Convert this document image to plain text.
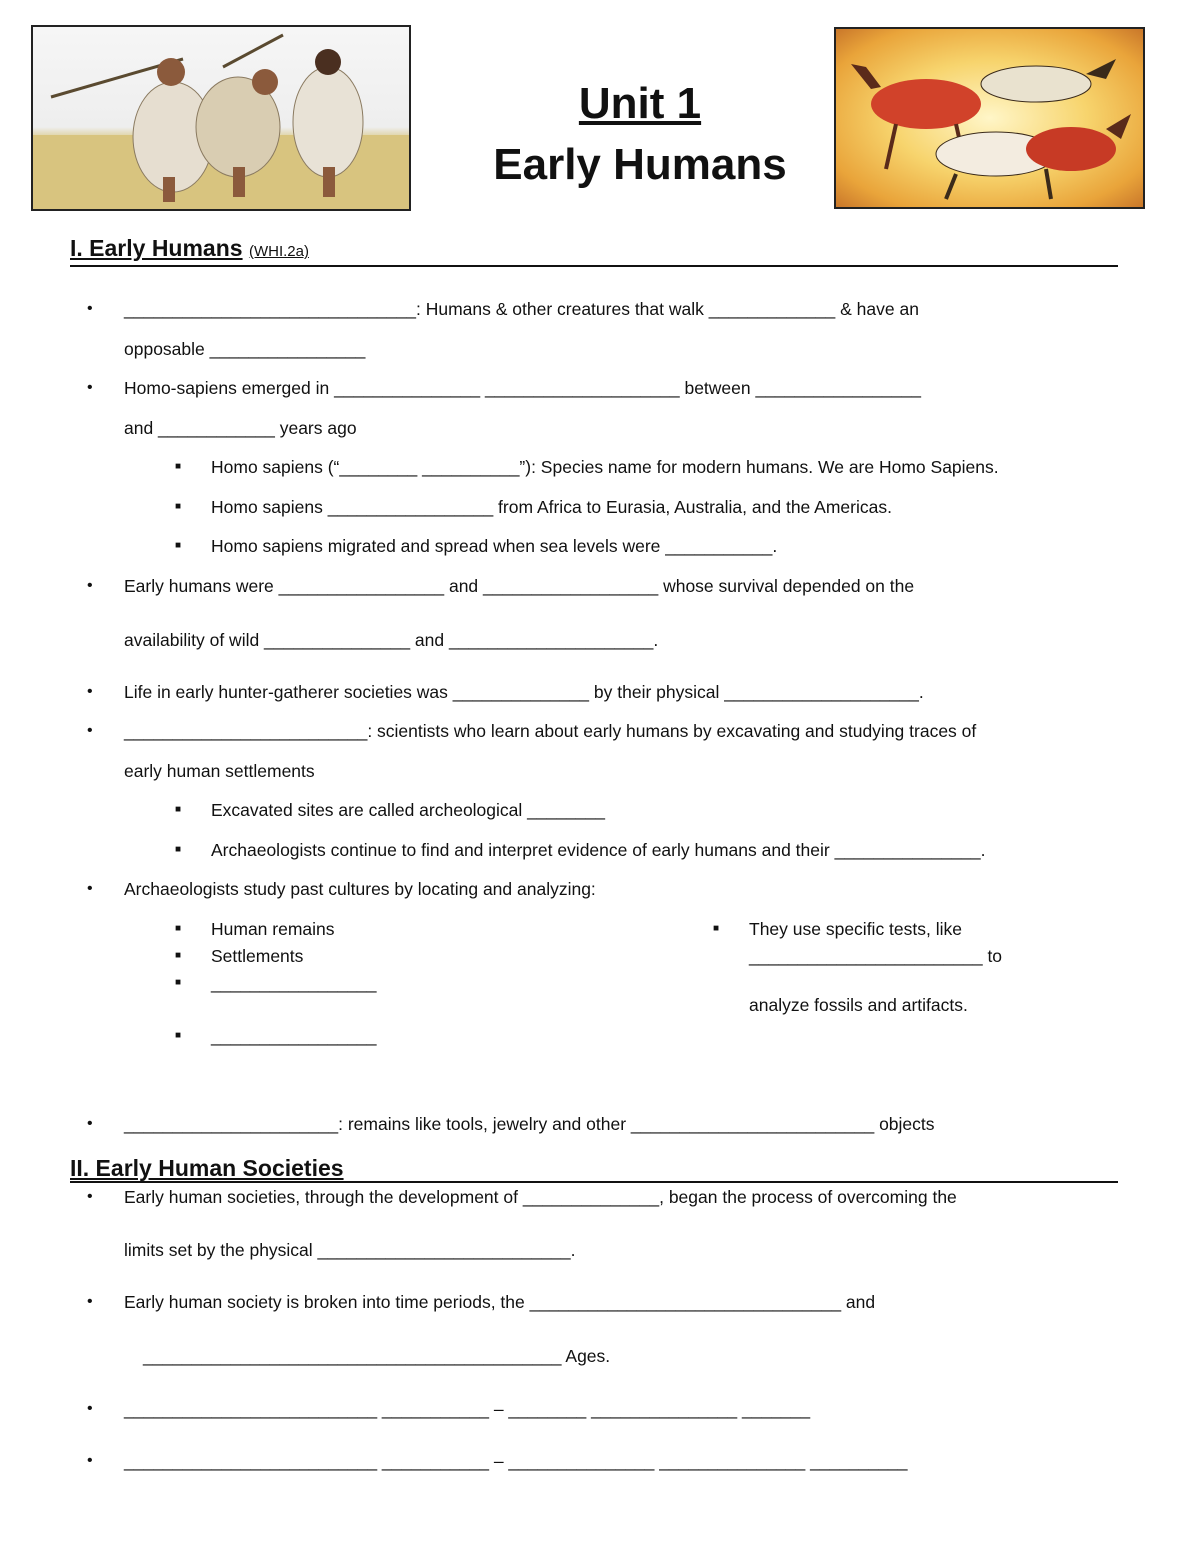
Unit 1
Early Humans
I. Early Humans (WHI.2a)
• ______________________________: Humans & other creatures that walk _____________ & have an
opposable ________________
• Homo-sapiens emerged in _______________ ____________________ between _________________
and ____________ years ago
■ Homo sapiens (“________ __________”): Species name for modern humans. We are Homo Sapiens.
■ Homo sapiens _________________ from Africa to Eurasia, Australia, and the Americas.
■ Homo sapiens migrated and spread when sea levels were ___________.
• Early humans were _________________ and __________________ whose survival depended on the
availability of wild _______________ and _____________________.
• Life in early hunter-gatherer societies was ______________ by their physical ____________________.
• _________________________: scientists who learn about early humans by excavating and studying traces of
early human settlements
■ Excavated sites are called archeological ________
■ Archaeologists continue to find and interpret evidence of early humans and their _______________.
• Archaeologists study past cultures by locating and analyzing:
■ Human remains
■ Settlements
■ _________________
■ _________________
■ They use specific tests, like
________________________ to
analyze fossils and artifacts.
• ______________________: remains like tools, jewelry and other _________________________ objects
II. Early Human Societies
• Early human societies, through the development of ______________, began the process of overcoming the
limits set by the physical __________________________.
• Early human society is broken into time periods, the ________________________________ and
___________________________________________ Ages.
• __________________________ ___________ – ________ _______________ _______
• __________________________ ___________ – _______________ _______________ __________
